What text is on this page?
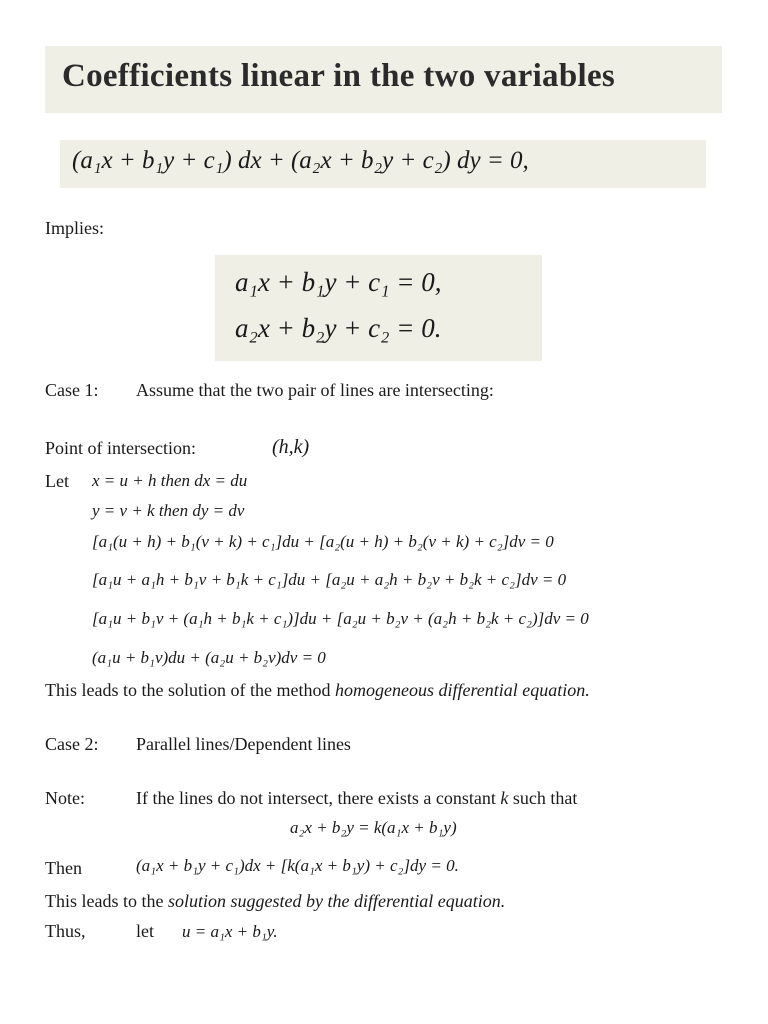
Coefficients linear in the two variables
(a₁x + b₁y + c₁) dx + (a₂x + b₂y + c₂) dy = 0,
Implies:
a₁x + b₁y + c₁ = 0,
a₂x + b₂y + c₂ = 0.
Case 1: Assume that the two pair of lines are intersecting:
Point of intersection:	(h,k)
Let x = u + h then dx = du
y = v + k then dy = dv
[a₁(u + h) + b₁(v + k) + c₁]du + [a₂(u + h) + b₂(v + k) + c₂]dv = 0
[a₁u + a₁h + b₁v + b₁k + c₁]du + [a₂u + a₂h + b₂v + b₂k + c₂]dv = 0
[a₁u + b₁v + (a₁h + b₁k + c₁)]du + [a₂u + b₂v + (a₂h + b₂k + c₂)]dv = 0
(a₁u + b₁v)du + (a₂u + b₂v)dv = 0
This leads to the solution of the method homogeneous differential equation.
Case 2: Parallel lines/Dependent lines
Note:	If the lines do not intersect, there exists a constant k such that
a₂x + b₂y = k(a₁x + b₁y)
Then	(a₁x + b₁y + c₁)dx + [k(a₁x + b₁y) + c₂]dy = 0.
This leads to the solution suggested by the differential equation.
Thus,	let u = a₁x + b₁y.
